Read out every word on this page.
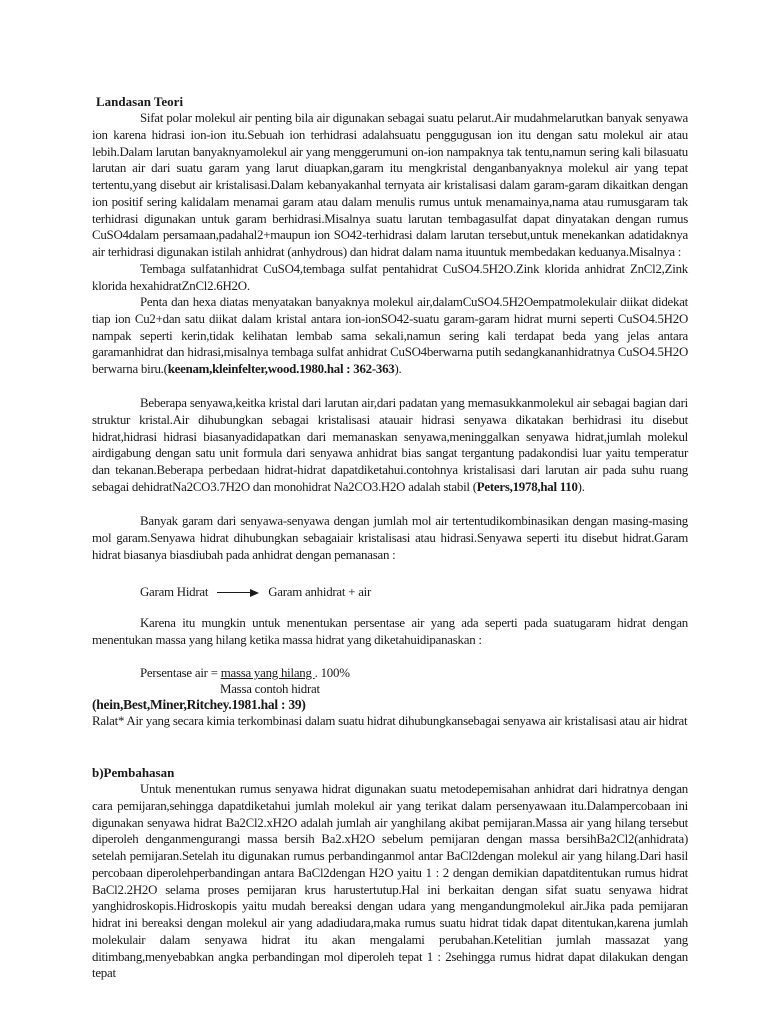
Landasan Teori

Sifat polar molekul air penting bila air digunakan sebagai suatu pelarut.Air mudahmelarutkan banyak senyawa ion karena hidrasi ion-ion itu.Sebuah ion terhidrasi adalahsuatu penggugusan ion itu dengan satu molekul air atau lebih.Dalam larutan banyaknyamolekul air yang menggerumuni on-ion nampaknya tak tentu,namun sering kali bilasuatu larutan air dari suatu garam yang larut diuapkan,garam itu mengkristal denganbanyaknya molekul air yang tepat tertentu,yang disebut air kristalisasi.Dalam kebanyakanhal ternyata air kristalisasi dalam garam-garam dikaitkan dengan ion positif sering kalidalam menamai garam atau dalam menulis rumus untuk menamainya,nama atau rumusgaram tak terhidrasi digunakan untuk garam berhidrasi.Misalnya suatu larutan tembagasulfat dapat dinyatakan dengan rumus CuSO4dalam persamaan,padahal2+maupun ion SO42-terhidrasi dalam larutan tersebut,untuk menekankan adatidaknya air terhidrasi digunakan istilah anhidrat (anhydrous) dan hidrat dalam nama ituuntuk membedakan keduanya.Misalnya :

Tembaga sulfatanhidrat CuSO4,tembaga sulfat pentahidrat CuSO4.5H2O.Zink klorida anhidrat ZnCl2,Zink klorida hexahidratZnCl2.6H2O.

Penta dan hexa diatas menyatakan banyaknya molekul air,dalamCuSO4.5H2Oempatmolekulair diikat didekat tiap ion Cu2+dan satu diikat dalam kristal antara ion-ionSO42-suatu garam-garam hidrat murni seperti CuSO4.5H2O nampak seperti kerin,tidak kelihatan lembab sama sekali,namun sering kali terdapat beda yang jelas antara garamanhidrat dan hidrasi,misalnya tembaga sulfat anhidrat CuSO4berwarna putih sedangkananhidratnya CuSO4.5H2O berwarna biru.(keenam,kleinfelter,wood.1980.hal : 362-363).

Beberapa senyawa,keitka kristal dari larutan air,dari padatan yang memasukkanmolekul air sebagai bagian dari struktur kristal.Air dihubungkan sebagai kristalisasi atauair hidrasi senyawa dikatakan berhidrasi itu disebut hidrat,hidrasi hidrasi biasanyadidapatkan dari memanaskan senyawa,meninggalkan senyawa hidrat,jumlah molekul airdigabung dengan satu unit formula dari senyawa anhidrat bias sangat tergantung padakondisi luar yaitu temperatur dan tekanan.Beberapa perbedaan hidrat-hidrat dapatdiketahui.contohnya kristalisasi dari larutan air pada suhu ruang sebagai dehidratNa2CO3.7H2O dan monohidrat Na2CO3.H2O adalah stabil (Peters,1978,hal 110).

Banyak garam dari senyawa-senyawa dengan jumlah mol air tertentudikombinasikan dengan masing-masing mol garam.Senyawa hidrat dihubungkan sebagaiair kristalisasi atau hidrasi.Senyawa seperti itu disebut hidrat.Garam hidrat biasanya biasdiubah pada anhidrat dengan pemanasan :

Garam Hidrat	Garam anhidrat + air

Karena itu mungkin untuk menentukan persentase air yang ada seperti pada suatugaram hidrat dengan menentukan massa yang hilang ketika massa hidrat yang diketahuidipanaskan :

Persentase air = massa yang hilang . 100%
Massa contoh hidrat
(hein,Best,Miner,Ritchey.1981.hal : 39)
Ralat* Air yang secara kimia terkombinasi dalam suatu hidrat dihubungkansebagai senyawa air kristalisasi atau air hidrat
b)Pembahasan

Untuk menentukan rumus senyawa hidrat digunakan suatu metodepemisahan anhidrat dari hidratnya dengan cara pemijaran,sehingga dapatdiketahui jumlah molekul air yang terikat dalam persenyawaan itu.Dalampercobaan ini digunakan senyawa hidrat Ba2Cl2.xH2O adalah jumlah air yanghilang akibat pemijaran.Massa air yang hilang tersebut diperoleh denganmengurangi massa bersih Ba2.xH2O sebelum pemijaran dengan massa bersihBa2Cl2(anhidrata) setelah pemijaran.Setelah itu digunakan rumus perbandinganmol antar BaCl2dengan molekul air yang hilang.Dari hasil percobaan diperolehperbandingan antara BaCl2dengan H2O yaitu 1 : 2 dengan demikian dapatditentukan rumus hidrat BaCl2.2H2O selama proses pemijaran krus harustertutup.Hal ini berkaitan dengan sifat suatu senyawa hidrat yanghidroskopis.Hidroskopis yaitu mudah bereaksi dengan udara yang mengandungmolekul air.Jika pada pemijaran hidrat ini bereaksi dengan molekul air yang adadiudara,maka rumus suatu hidrat tidak dapat ditentukan,karena jumlah molekulair dalam senyawa hidrat itu akan mengalami perubahan.Ketelitian jumlah massazat yang ditimbang,menyebabkan angka perbandingan mol diperoleh tepat 1 : 2sehingga rumus hidrat dapat dilakukan dengan tepat
